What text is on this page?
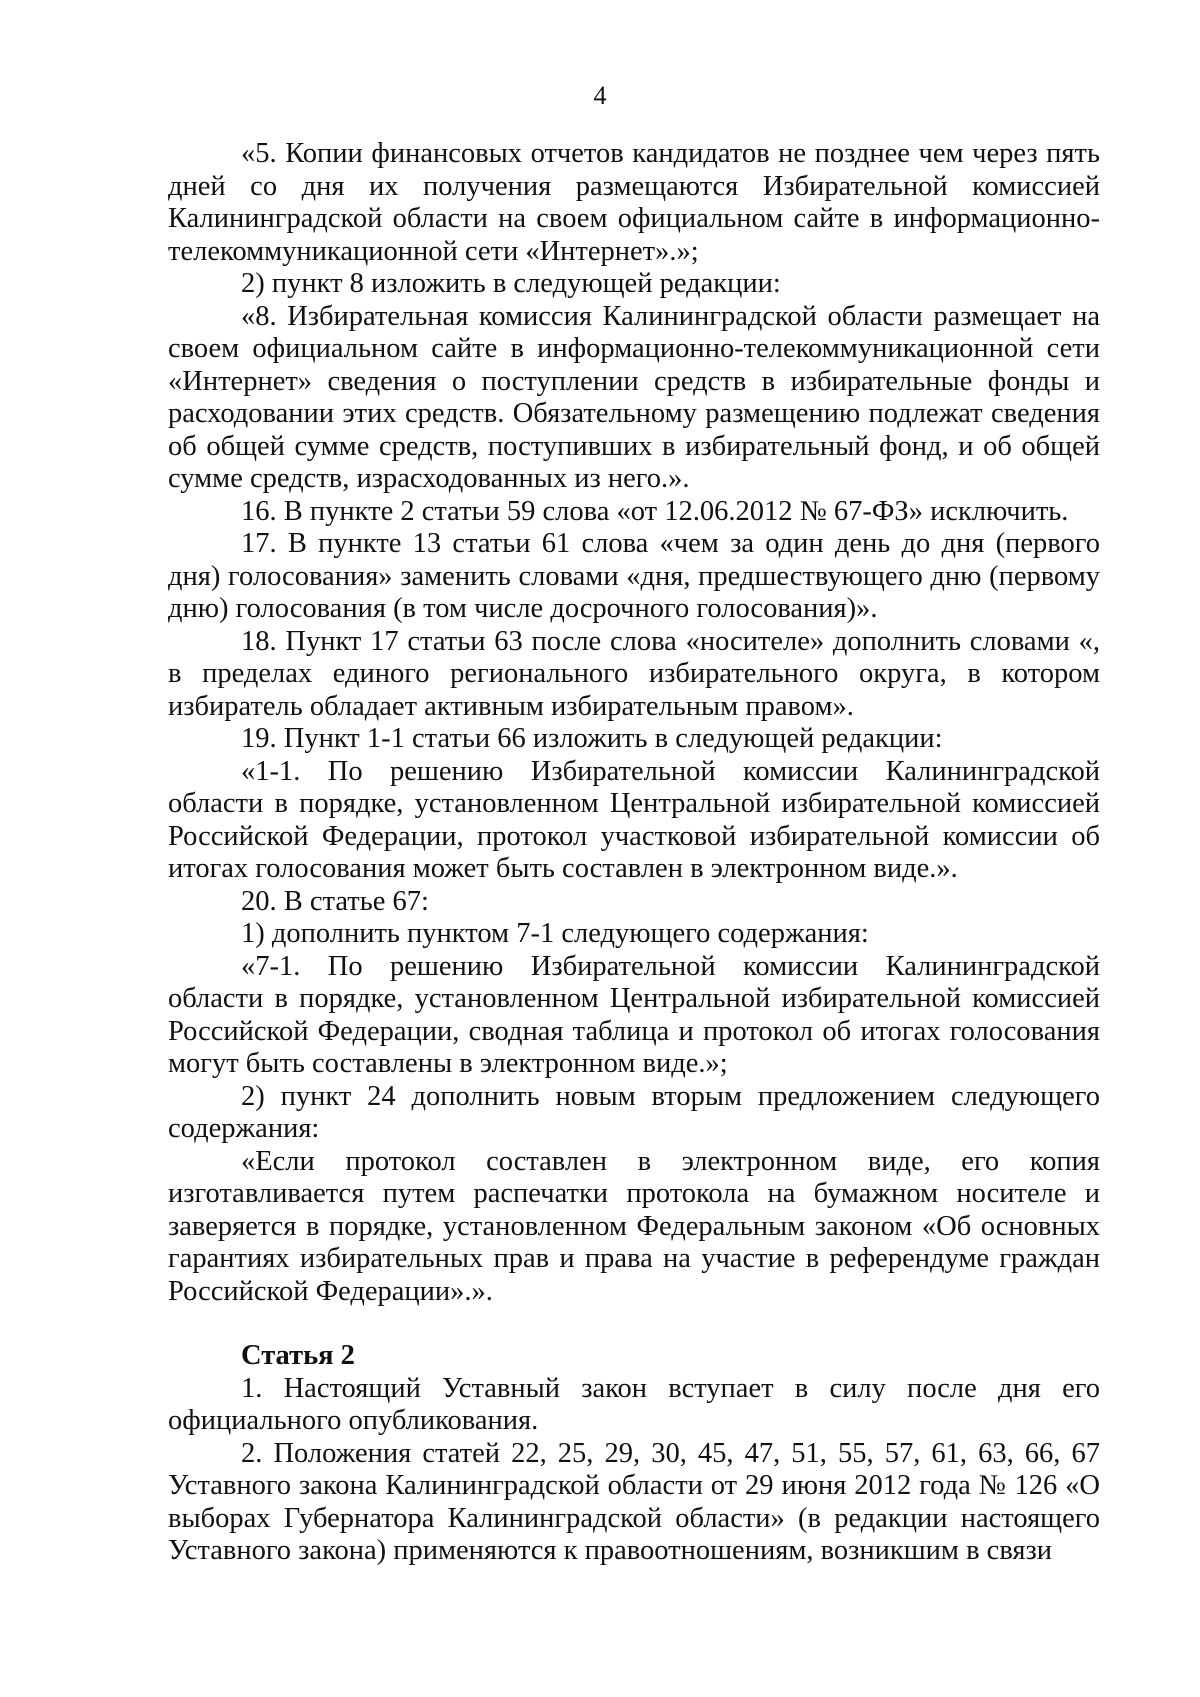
4

«5. Копии финансовых отчетов кандидатов не позднее чем через пять дней со дня их получения размещаются Избирательной комиссией Калининградской области на своем официальном сайте в информационно-телекоммуникационной сети «Интернет».»;

2) пункт 8 изложить в следующей редакции:

«8. Избирательная комиссия Калининградской области размещает на своем официальном сайте в информационно-телекоммуникационной сети «Интернет» сведения о поступлении средств в избирательные фонды и расходовании этих средств. Обязательному размещению подлежат сведения об общей сумме средств, поступивших в избирательный фонд, и об общей сумме средств, израсходованных из него.».

16. В пункте 2 статьи 59 слова «от 12.06.2012 № 67-ФЗ» исключить.

17. В пункте 13 статьи 61 слова «чем за один день до дня (первого дня) голосования» заменить словами «дня, предшествующего дню (первому дню) голосования (в том числе досрочного голосования)».

18. Пункт 17 статьи 63 после слова «носителе» дополнить словами «, в пределах единого регионального избирательного округа, в котором избиратель обладает активным избирательным правом».

19. Пункт 1-1 статьи 66 изложить в следующей редакции:

«1-1. По решению Избирательной комиссии Калининградской области в порядке, установленном Центральной избирательной комиссией Российской Федерации, протокол участковой избирательной комиссии об итогах голосования может быть составлен в электронном виде.».

20. В статье 67:

1) дополнить пунктом 7-1 следующего содержания:

«7-1. По решению Избирательной комиссии Калининградской области в порядке, установленном Центральной избирательной комиссией Российской Федерации, сводная таблица и протокол об итогах голосования могут быть составлены в электронном виде.»;

2) пункт 24 дополнить новым вторым предложением следующего содержания:

«Если протокол составлен в электронном виде, его копия изготавливается путем распечатки протокола на бумажном носителе и заверяется в порядке, установленном Федеральным законом «Об основных гарантиях избирательных прав и права на участие в референдуме граждан Российской Федерации».».

Статья 2

1. Настоящий Уставный закон вступает в силу после дня его официального опубликования.

2. Положения статей 22, 25, 29, 30, 45, 47, 51, 55, 57, 61, 63, 66, 67 Уставного закона Калининградской области от 29 июня 2012 года № 126 «О выборах Губернатора Калининградской области» (в редакции настоящего Уставного закона) применяются к правоотношениям, возникшим в связи
